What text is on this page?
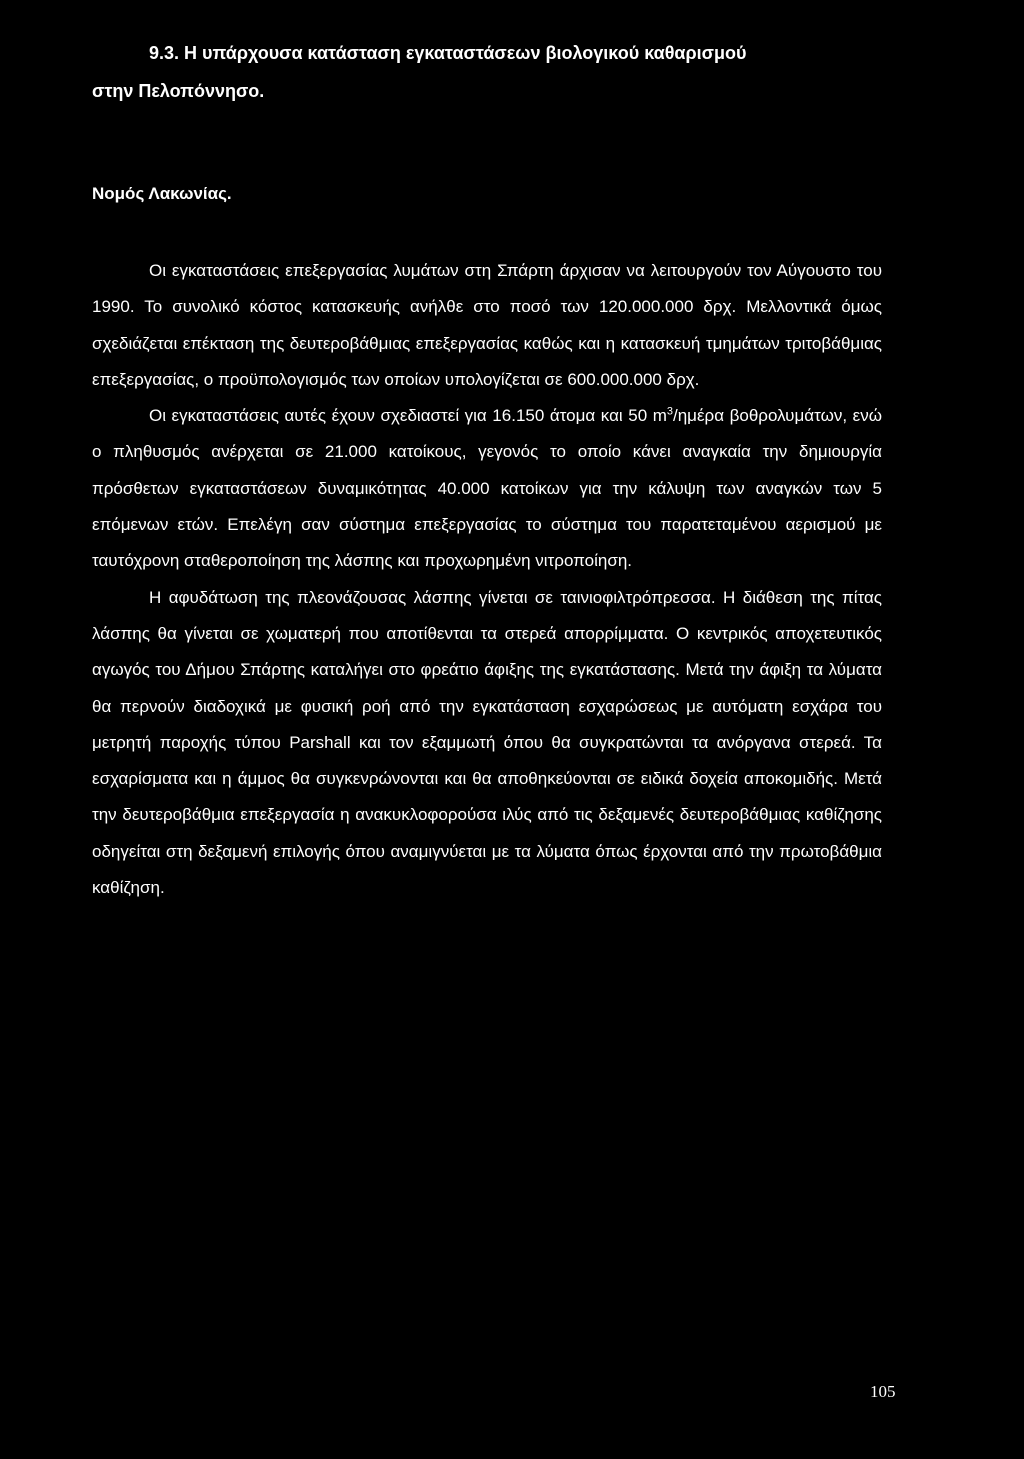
9.3. Η υπάρχουσα κατάσταση εγκαταστάσεων βιολογικού καθαρισμού
στην Πελοπόννησο.
Νομός Λακωνίας.

Οι εγκαταστάσεις επεξεργασίας λυμάτων στη Σπάρτη άρχισαν να λειτουργούν τον Αύγουστο του 1990. Το συνολικό κόστος κατασκευής ανήλθε στο ποσό των 120.000.000 δρχ. Μελλοντικά όμως σχεδιάζεται επέκταση της δευτεροβάθμιας επεξεργασίας καθώς και η κατασκευή τμημάτων τριτοβάθμιας επεξεργασίας, ο προϋπολογισμός των οποίων υπολογίζεται σε 600.000.000 δρχ.

Οι εγκαταστάσεις αυτές έχουν σχεδιαστεί για 16.150 άτομα και 50 $m^3$/ημέρα βοθρολυμάτων, ενώ ο πληθυσμός ανέρχεται σε 21.000 κατοίκους, γεγονός το οποίο κάνει αναγκαία την δημιουργία πρόσθετων εγκαταστάσεων δυναμικότητας 40.000 κατοίκων για την κάλυψη των αναγκών των 5 επόμενων ετών. Επελέγη σαν σύστημα επεξεργασίας το σύστημα του παρατεταμένου αερισμού με ταυτόχρονη σταθεροποίηση της λάσπης και προχωρημένη νιτροποίηση.

Η αφυδάτωση της πλεονάζουσας λάσπης γίνεται σε ταινιοφιλτρόπρεσσα. Η διάθεση της πίτας λάσπης θα γίνεται σε χωματερή που αποτίθενται τα στερεά απορρίμματα. Ο κεντρικός αποχετευτικός αγωγός του Δήμου Σπάρτης καταλήγει στο φρεάτιο άφιξης της εγκατάστασης. Μετά την άφιξη τα λύματα θα περνούν διαδοχικά με φυσική ροή από την εγκατάσταση εσχαρώσεως με αυτόματη εσχάρα του μετρητή παροχής τύπου Parshall και τον εξαμμωτή όπου θα συγκρατώνται τα ανόργανα στερεά. Τα εσχαρίσματα και η άμμος θα συγκενρώνονται και θα αποθηκεύονται σε ειδικά δοχεία αποκομιδής. Μετά την δευτεροβάθμια επεξεργασία η ανακυκλοφορούσα ιλύς από τις δεξαμενές δευτεροβάθμιας καθίζησης οδηγείται στη δεξαμενή επιλογής όπου αναμιγνύεται με τα λύματα όπως έρχονται από την πρωτοβάθμια καθίζηση.

105
